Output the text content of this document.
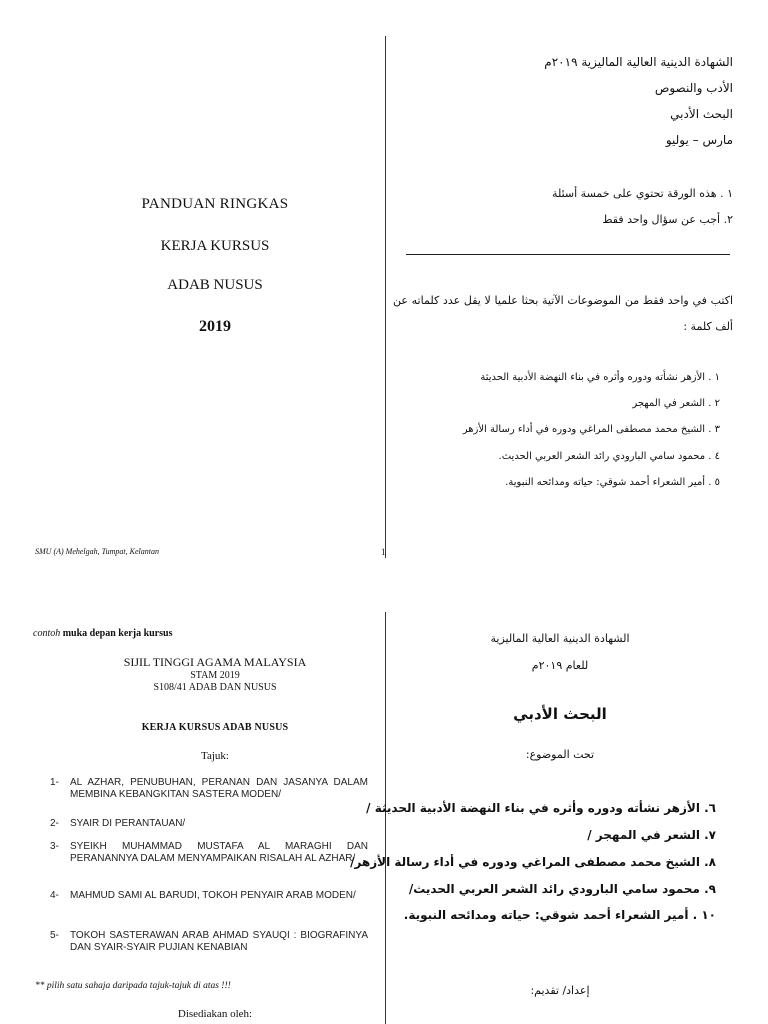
PANDUAN RINGKAS
KERJA KURSUS
ADAB NUSUS
2019
SMU (A) Mehelgah, Tumpat, Kelantan	1
الشهادة الدينية العالية الماليزية ٢٠١٩م
الأدب والنصوص
البحث الأدبي
مارس – يوليو
١ . هذه الورقة تحتوي على خمسة أسئلة
٢. أجب عن سؤال واحد فقط
اكتب في واحد فقط من الموضوعات الآتية بحثا علميا لا يقل عدد كلماته عن ألف كلمة :
١ . الأزهر نشأته ودوره وأثره في بناء النهضة الأدبية الحديثة
٢ . الشعر في المهجر
٣ . الشيخ محمد مصطفى المراغي ودوره في أداء رسالة الأزهر
٤ . محمود سامي البارودي رائد الشعر العربي الحديث.
٥ . أمير الشعراء أحمد شوقي: حياته ومدائحه النبوية.
contoh muka depan kerja kursus
SIJIL TINGGI AGAMA MALAYSIA
STAM 2019
S108/41 ADAB DAN NUSUS
KERJA KURSUS ADAB NUSUS
Tajuk:
1- AL AZHAR, PENUBUHAN, PERANAN DAN JASANYA DALAM MEMBINA KEBANGKITAN SASTERA MODEN/
2- SYAIR DI PERANTAUAN/
3- SYEIKH MUHAMMAD MUSTAFA AL MARAGHI DAN PERANANNYA DALAM MENYAMPAIKAN RISALAH AL AZHAR/
4- MAHMUD SAMI AL BARUDI, TOKOH PENYAIR ARAB MODEN/
5- TOKOH SASTERAWAN ARAB AHMAD SYAUQI : BIOGRAFINYA DAN SYAIR-SYAIR PUJIAN KENABIAN
** pilih satu sahaja daripada tajuk-tajuk di atas !!!
Disediakan oleh:
الشهادة الدينية العالية الماليزية
للعام ٢٠١٩م
البحث الأدبي
تحت الموضوع:
٦. الأزهر نشأته ودوره وأثره في بناء النهضة الأدبية الحديثة /
٧. الشعر في المهجر /
٨. الشيخ محمد مصطفى المراغي ودوره في أداء رسالة الأزهر/
٩. محمود سامي البارودي رائد الشعر العربي الحديث/
١٠ . أمير الشعراء أحمد شوقي: حياته ومدائحه النبوية.
إعداد/ تقديم:
